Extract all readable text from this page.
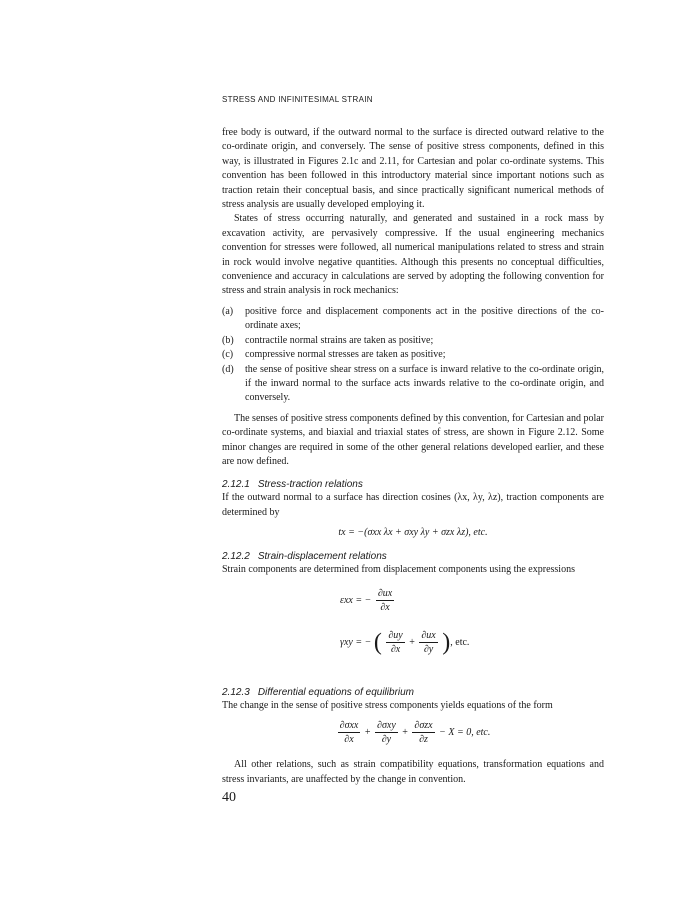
STRESS AND INFINITESIMAL STRAIN

free body is outward, if the outward normal to the surface is directed outward relative to the co-ordinate origin, and conversely. The sense of positive stress components, defined in this way, is illustrated in Figures 2.1c and 2.11, for Cartesian and polar co-ordinate systems. This convention has been followed in this introductory material since important notions such as traction retain their conceptual basis, and since practically significant numerical methods of stress analysis are usually developed employing it.

States of stress occurring naturally, and generated and sustained in a rock mass by excavation activity, are pervasively compressive. If the usual engineering mechanics convention for stresses were followed, all numerical manipulations related to stress and strain in rock would involve negative quantities. Although this presents no conceptual difficulties, convenience and accuracy in calculations are served by adopting the following convention for stress and strain analysis in rock mechanics:

(a) positive force and displacement components act in the positive directions of the co-ordinate axes;
(b) contractile normal strains are taken as positive;
(c) compressive normal stresses are taken as positive;
(d) the sense of positive shear stress on a surface is inward relative to the co-ordinate origin, if the inward normal to the surface acts inwards relative to the co-ordinate origin, and conversely.

The senses of positive stress components defined by this convention, for Cartesian and polar co-ordinate systems, and biaxial and triaxial states of stress, are shown in Figure 2.12. Some minor changes are required in some of the other general relations developed earlier, and these are now defined.

2.12.1 Stress-traction relations

If the outward normal to a surface has direction cosines (λx, λy, λz), traction components are determined by

tx = −(σxx λx + σxy λy + σzx λz), etc.
2.12.2 Strain-displacement relations

Strain components are determined from displacement components using the expressions

εxx = − $\frac{\partial ux}{\partial x}$
γxy = − ( $\frac{\partial uy}{\partial x} + \frac{\partial ux}{\partial y}$ ), etc.
2.12.3 Differential equations of equilibrium

The change in the sense of positive stress components yields equations of the form

$\frac{\text{∂σxx}}{\partial x} + \frac{\text{∂σxy}}{\partial y} + \frac{\text{∂σzx}}{\partial z} - X = 0$, etc.

All other relations, such as strain compatibility equations, transformation equations and stress invariants, are unaffected by the change in convention.

40
